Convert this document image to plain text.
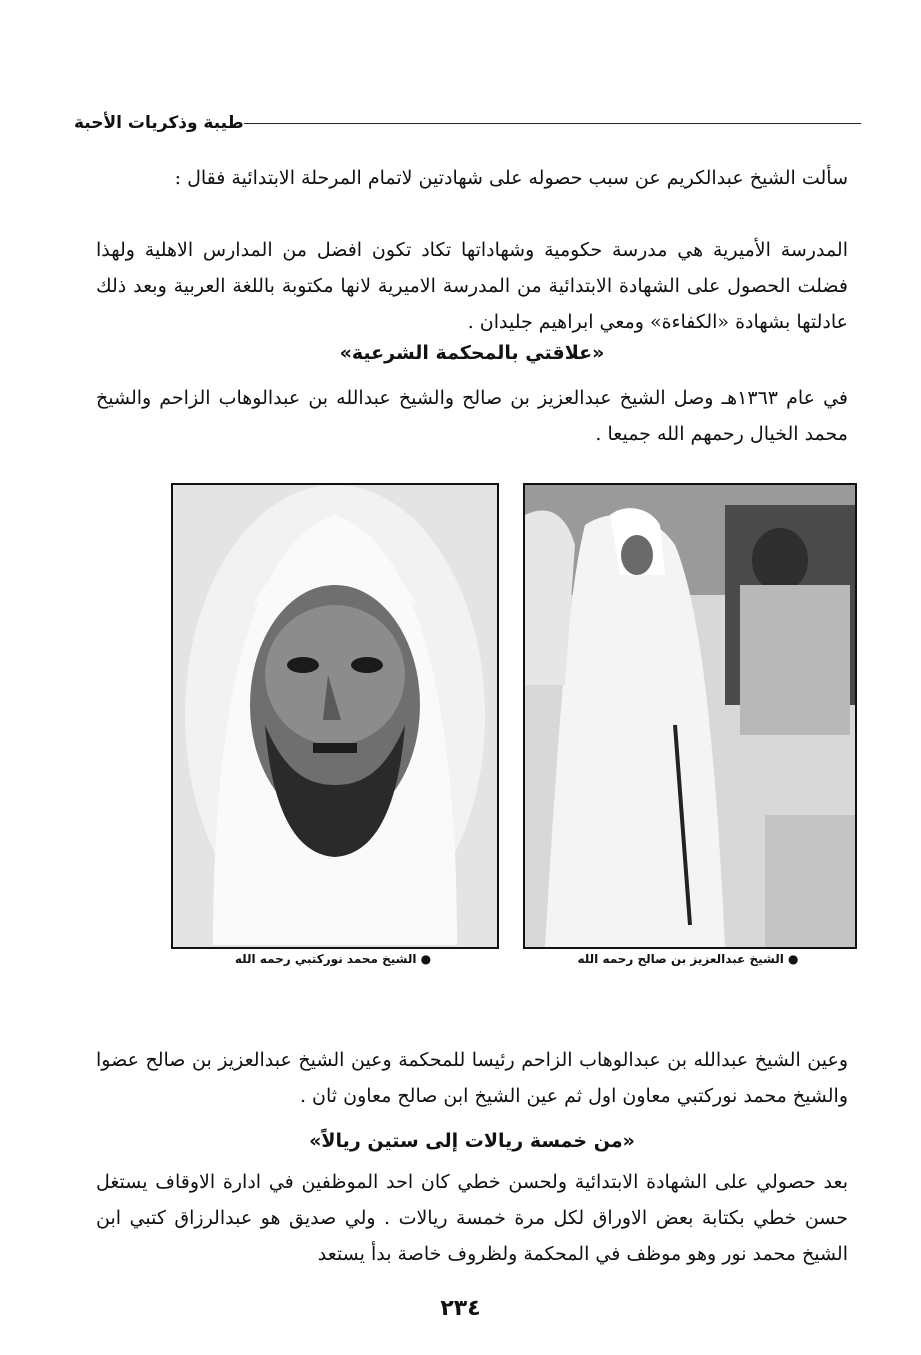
طيبة وذكريات الأحبة

سألت الشيخ عبدالكريم عن سبب حصوله على شهادتين لاتمام المرحلة الابتدائية فقال :

المدرسة الأميرية هي مدرسة حكومية وشهاداتها تكاد تكون افضل من المدارس الاهلية ولهذا فضلت الحصول على الشهادة الابتدائية من المدرسة الاميرية لانها مكتوبة باللغة العربية وبعد ذلك عادلتها بشهادة «الكفاءة» ومعي ابراهيم جليدان .

«علاقتي بالمحكمة الشرعية»

في عام ١٣٦٣هـ وصل الشيخ عبدالعزيز بن صالح والشيخ عبدالله بن عبدالوهاب الزاحم والشيخ محمد الخيال رحمهم الله جميعا .

● الشيخ محمد نوركتبي رحمه الله	● الشيخ عبدالعزيز بن صالح رحمه الله

وعين الشيخ عبدالله بن عبدالوهاب الزاحم رئيسا للمحكمة وعين الشيخ عبدالعزيز بن صالح عضوا والشيخ محمد نوركتبي معاون اول ثم عين الشيخ ابن صالح معاون ثان .

«من خمسة ريالات إلى ستين ريالاً»

بعد حصولي على الشهادة الابتدائية ولحسن خطي كان احد الموظفين في ادارة الاوقاف يستغل حسن خطي بكتابة بعض الاوراق لكل مرة خمسة ريالات . ولي صديق هو عبدالرزاق كتبي ابن الشيخ محمد نور وهو موظف في المحكمة ولظروف خاصة بدأ يستعد

٢٣٤
